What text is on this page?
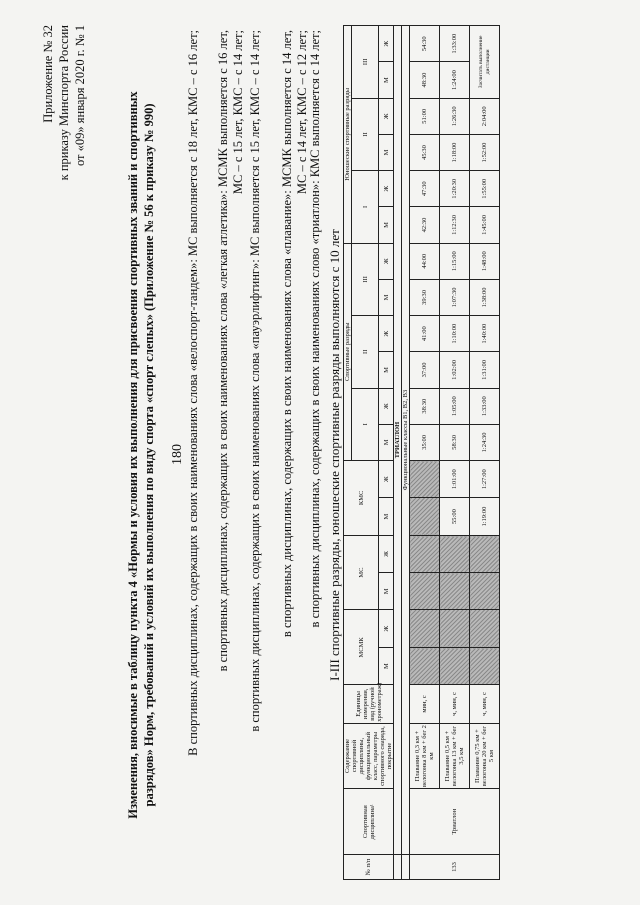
180
Приложение № 32 к приказу Минспорта России от «09» января 2020 г. № 1	Изменения, вносимые в таблицу пункта 4 «Нормы и условия их выполнения для присвоения спортивных званий и спортивных разрядов» Норм, требований и условий их выполнения по виду спорта «спорт слепых» (Приложение № 56 к приказу № 990) В спортивных дисциплинах, содержащих в своих наименованиях слова «велоспорт-тандем»: МС выполняется с 18 лет, КМС – с 16 лет; в спортивных дисциплинах, содержащих в своих наименованиях слова «легкая атлетика»: МСМК выполняется с 16 лет, МС – с 15 лет, КМС – с 14 лет; в спортивных дисциплинах, содержащих в своих наименованиях слова «пауэрлифтинг»: МС выполняется с 15 лет, КМС – с 14 лет; в спортивных дисциплинах, содержащих в своих наименованиях слова «плавание»: МСМК выполняется с 14 лет, МС – с 14 лет, КМС – с 12 лет; в спортивных дисциплинах, содержащих в своих наименованиях слово «триатлон»: КМС выполняется с 14 лет; I-III спортивные разряды, юношеские спортивные разряды выполняются с 10 лет
№ п/п	Спортивная дисциплина¹	Содержание спортивной дисциплины, функциональный класс, параметры спортивного снаряда, покрытие	Единицы измерения, вид (ручной хронометраж)	МСМК		МС		КМС		Спортивные разряды						Юношеские спортивные разряды					
										I		II		III		I		II		III	

				М	Ж	М	Ж	М	Ж	М	Ж	М	Ж	М	Ж	М	Ж	М	Ж	М	Ж
	ТРИАТЛОН																				
	Функциональные классы B1, B2, B3																				
133	Триатлон	Плавание 0,3 км + велогонка 8 км + бег 2 км	мин, с							35:00	38:30	37:00	41:00	39:30	44:00	42:30	47:30	45:30	51:00	48:30	54:30
		Плавание 0,5 км + велогонка 13 км + бег 3,5 км	ч, мин, с					55:00	1:01:00	58:30	1:05:00	1:02:00	1:10:00	1:07:30	1:15:00	1:12:30	1:20:30	1:18:00	1:26:30	1:24:00	1:33:00
		Плавание 0,75 км + велогонка 20 км + бег 5 км	ч, мин, с					1:19:00	1:27:00	1:24:30	1:33:00	1:31:00	1:40:00	1:38:00	1:48:00	1:45:00	1:55:00	1:52:00	2:04:00	Засчитать выполнение дистанции	
